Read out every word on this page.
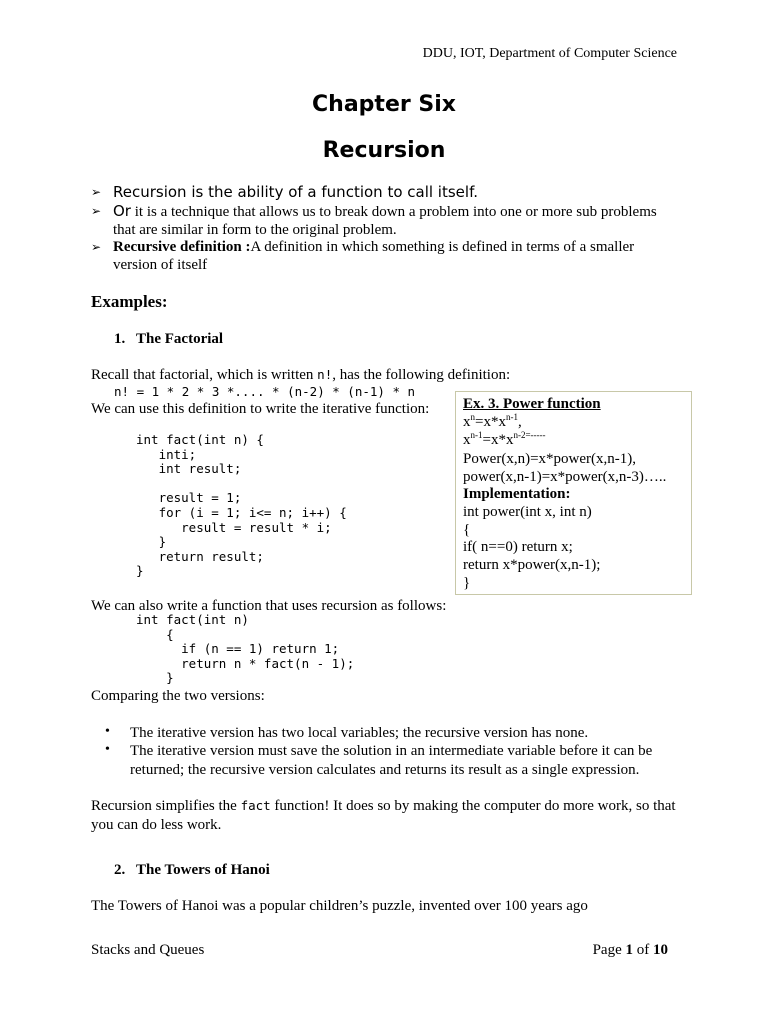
DDU, IOT, Department of Computer Science
Chapter Six
Recursion
➢ Recursion is the ability of a function to call itself.
➢ Or it is a technique that allows us to break down a problem into one or more sub problems that are similar in form to the original problem.
➢ Recursive definition :A definition in which something is defined in terms of a smaller version of itself
Examples:
1. The Factorial
Recall that factorial, which is written n!, has the following definition:
n! = 1 * 2 * 3 *.... * (n-2) * (n-1) * n
We can use this definition to write the iterative function:
int fact(int n) {
inti;
int result;

result = 1;
for (i = 1; i<= n; i++) {
result = result * i;
}
return result;
}
Ex. 3. Power function
$x^n=x*x^{n-1}$,
$x^{n-1}=x*x^{n-2=-----}$
Power(x,n)=x*power(x,n-1),
power(x,n-1)=x*power(x,n-3)…..
Implementation:
int power(int x, int n)
{
if( n==0) return x;
return x*power(x,n-1);
}
We can also write a function that uses recursion as follows:
int fact(int n)
{
if (n == 1) return 1;
return n * fact(n - 1);
}
Comparing the two versions:
• The iterative version has two local variables; the recursive version has none.
• The iterative version must save the solution in an intermediate variable before it can be returned; the recursive version calculates and returns its result as a single expression.
Recursion simplifies the fact function! It does so by making the computer do more work, so that you can do less work.
2. The Towers of Hanoi
The Towers of Hanoi was a popular children’s puzzle, invented over 100 years ago
Stacks and Queues	Page 1 of 10
